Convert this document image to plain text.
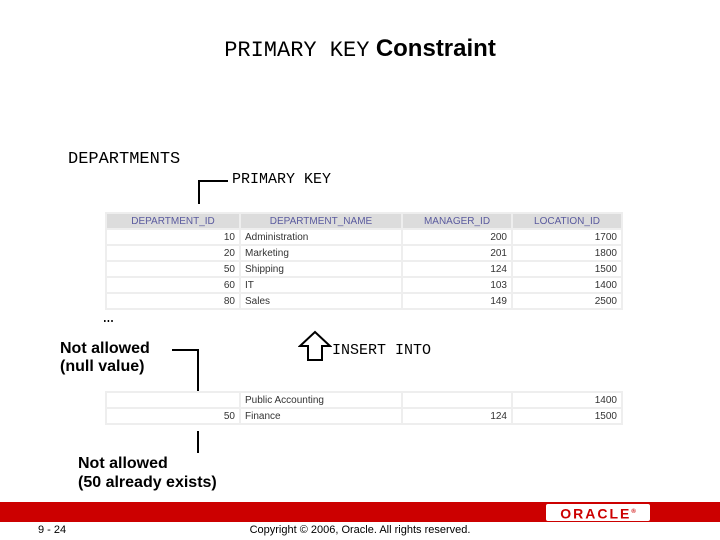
PRIMARY KEY Constraint
DEPARTMENTS
PRIMARY KEY
DEPARTMENT_ID	DEPARTMENT_NAME	MANAGER_ID	LOCATION_ID
10	Administration	200	1700
20	Marketing	201	1800
50	Shipping	124	1500
60	IT	103	1400
80	Sales	149	2500
…
Not allowed
(null value)
INSERT INTO
	Public Accounting		1400
50	Finance	124	1500
Not allowed
(50 already exists)
ORACLE®
9 - 24	Copyright © 2006, Oracle. All rights reserved.
